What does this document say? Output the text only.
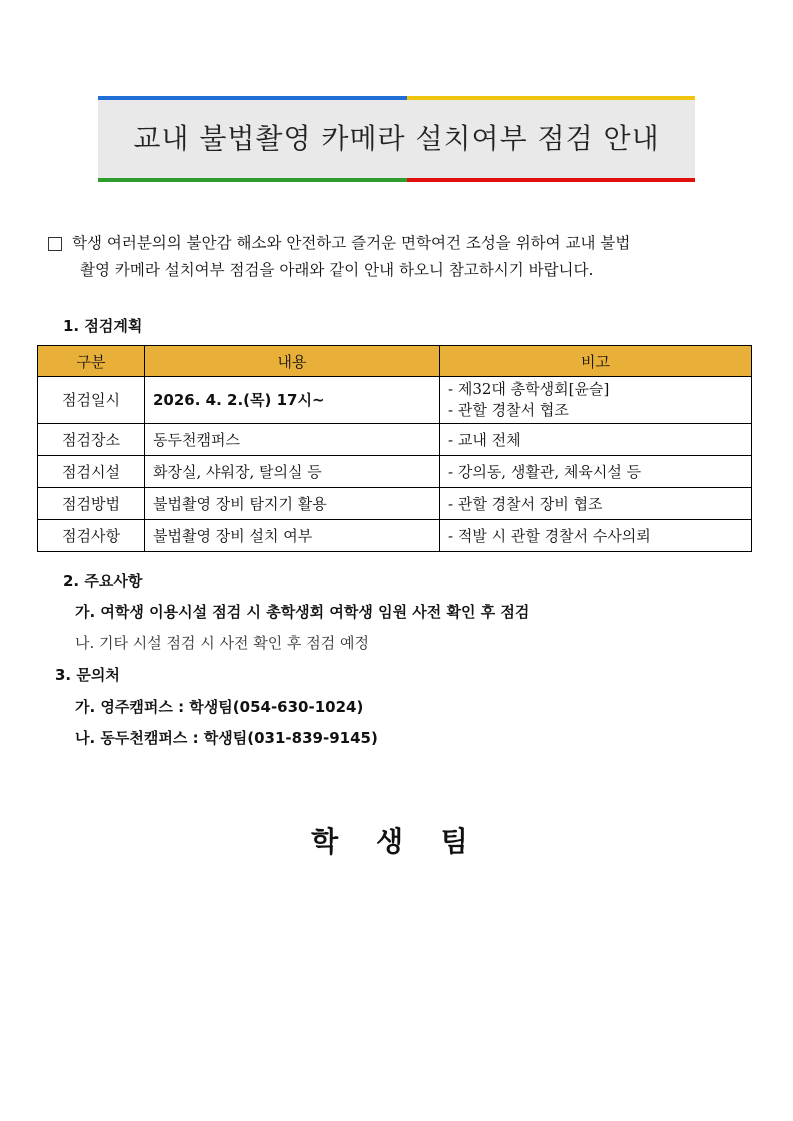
교내 불법촬영 카메라 설치여부 점검 안내
학생 여러분의의 불안감 해소와 안전하고 즐거운 면학여건 조성을 위하여 교내 불법
촬영 카메라 설치여부 점검을 아래와 같이 안내 하오니 참고하시기 바랍니다.
1. 점검계획
구분	내용	비고
점검일시	2026. 4. 2.(목) 17시~	- 제32대 총학생회[윤슬]
- 관할 경찰서 협조

점검장소	동두천캠퍼스	- 교내 전체
점검시설	화장실, 샤워장, 탈의실 등	- 강의동, 생활관, 체육시설 등
점검방법	불법촬영 장비 탐지기 활용	- 관할 경찰서 장비 협조
점검사항	불법촬영 장비 설치 여부	- 적발 시 관할 경찰서 수사의뢰
2. 주요사항
가. 여학생 이용시설 점검 시 총학생회 여학생 임원 사전 확인 후 점검
나. 기타 시설 점검 시 사전 확인 후 점검 예정
3. 문의처
가. 영주캠퍼스 : 학생팀(054-630-1024)
나. 동두천캠퍼스 : 학생팀(031-839-9145)
학 생 팀
